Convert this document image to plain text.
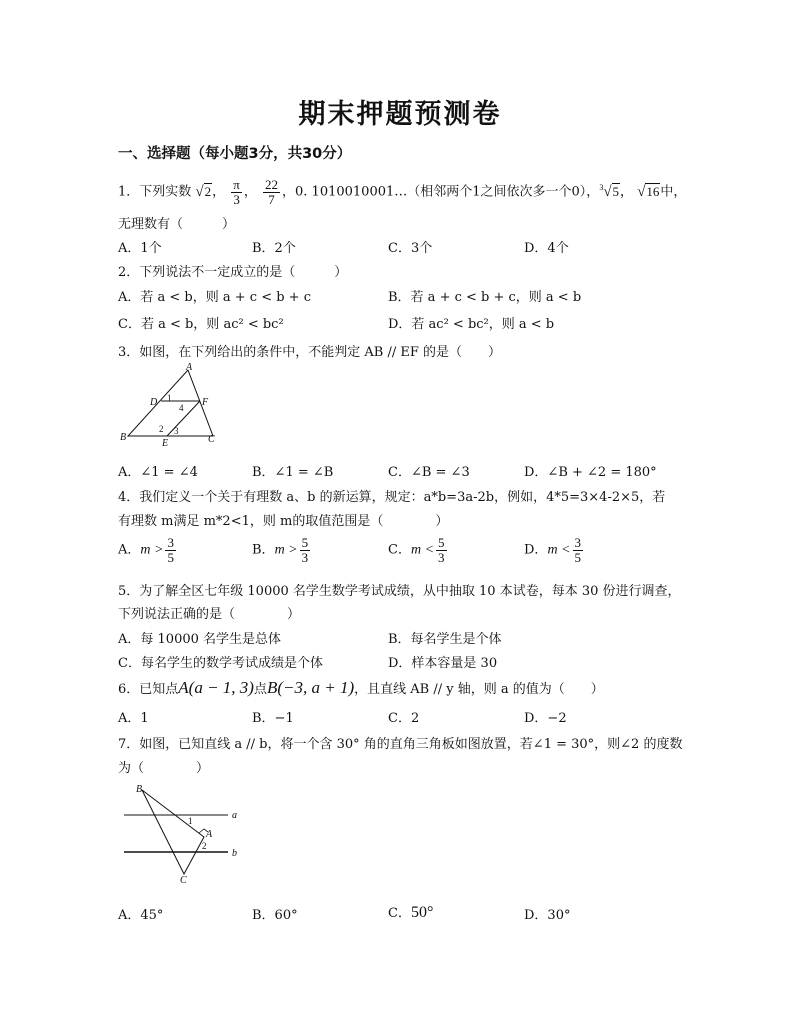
期末押题预测卷
一、选择题（每小题3分，共30分）
1．下列实数 √2， $\frac{\pi}{3}$ ， $\frac{22}{7}$ ，0. 1010010001…（相邻两个1之间依次多一个0），$^3$√5， √16中，
无理数有（　　　）
A．1个	B．2个	C．3个	D．4个
2．下列说法不一定成立的是（　　　）
A．若 a < b，则 a + c < b + c	B．若 a + c < b + c，则 a < b
C．若 a < b，则 ac² < bc²	D．若 ac² < bc²，则 a < b
3．如图，在下列给出的条件中，不能判定 AB // EF 的是（　　）
A
D	F
B	C
E
1
4
2 3
A．∠1 = ∠4	B．∠1 = ∠B	C．∠B = ∠3	D．∠B + ∠2 = 180°
4．我们定义一个关于有理数 a、b 的新运算，规定：a*b=3a-2b，例如，4*5=3×4-2×5，若
有理数 m满足 m*2<1，则 m的取值范围是（　　　　）
A．$m > \frac{3}{5}$	B．$m > \frac{5}{3}$	C．$m < \frac{5}{3}$	D．$m < \frac{3}{5}$
5．为了解全区七年级 10000 名学生数学考试成绩，从中抽取 10 本试卷，每本 30 份进行调查，
下列说法正确的是（　　　　）
A．每 10000 名学生是总体	B．每名学生是个体
C．每名学生的数学考试成绩是个体	D．样本容量是 30
6．已知点A(a − 1, 3)点B(−3, a + 1)，且直线 AB // y 轴，则 a 的值为（　　）
A．1	B．−1	C．2	D．−2
7．如图，已知直线 a // b，将一个含 30° 角的直角三角板如图放置，若∠1 = 30°，则∠2 的度数
为（　　　　）
B
A
C
a
b
1
2
A．45°	B．60°	C．50°	D．30°
